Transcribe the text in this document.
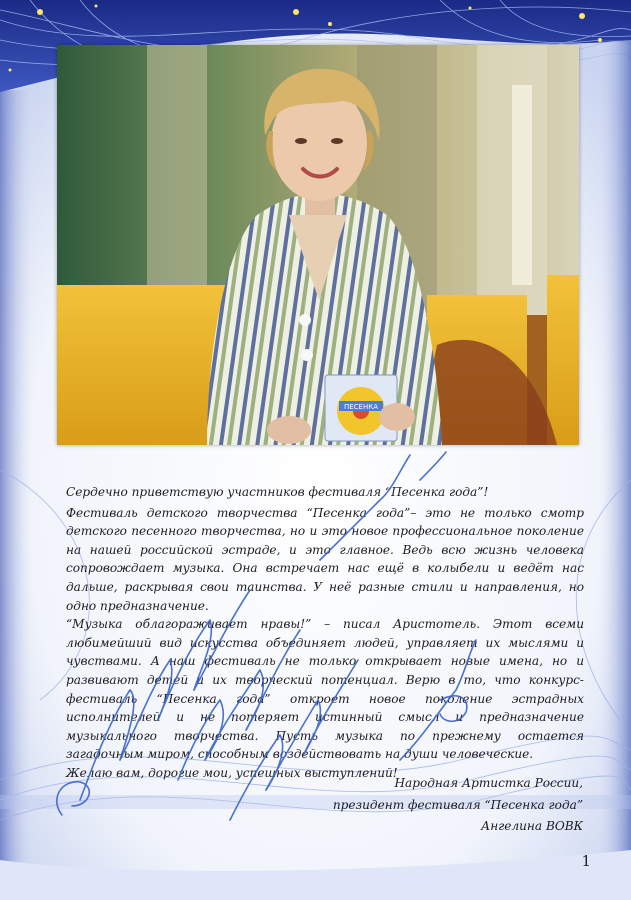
ПЕСЕНКА

Сердечно приветствую участников фестиваля “Песенка года”!

Фестиваль детского творчества “Песенка года”– это не только смотр детского песенного творчества, но и это новое профессиональное поколение на нашей российской эстраде, и это главное. Ведь всю жизнь человека сопровождает музыка. Она встречает нас ещё в колыбели и ведёт нас дальше, раскрывая свои таинства. У неё разные стили и направления, но одно предназначение.

“Музыка облагораживает нравы!” – писал Аристотель. Этот всеми любимейший вид искусства объединяет людей, управляет их мыслями и чувствами. А наш фестиваль не только открывает новые имена, но и развивают детей и их творческий потенциал. Верю в то, что конкурс-фестиваль “Песенка года” откроет новое поколение эстрадных исполнителей и не потеряет истинный смысл и предназначение музыкального творчества. Пусть музыка по прежнему остается загадочным миром, способным воздействовать на души человеческие.

Желаю вам, дорогие мои, успешных выступлений!

Народная Артистка России,
президент фестиваля “Песенка года”
Ангелина ВОВК
1
